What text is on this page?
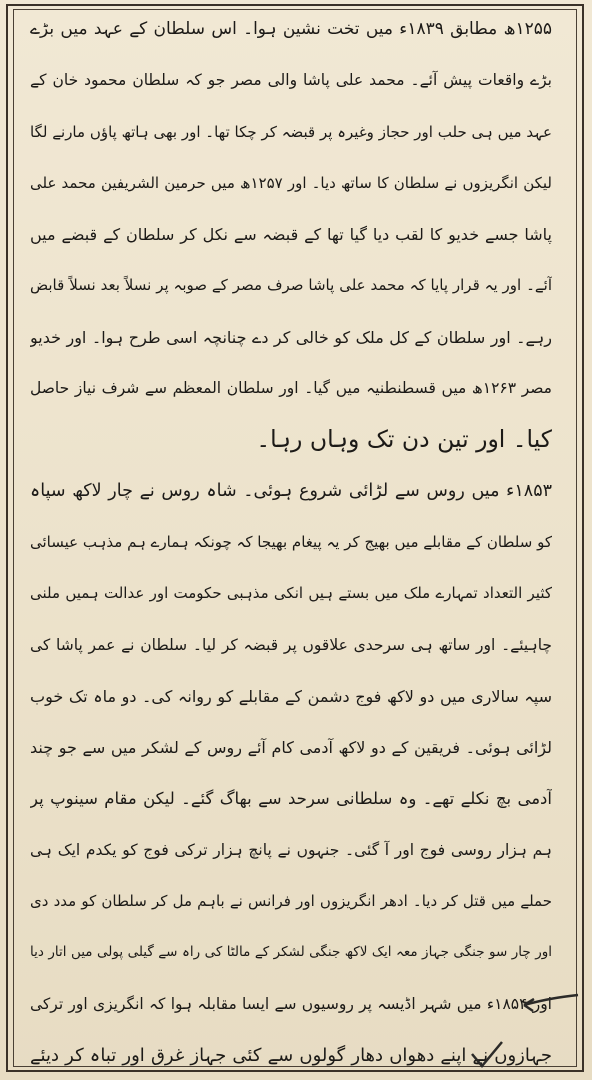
۱۲۵۵ھ مطابق ۱۸۳۹ء میں تخت نشین ہوا۔ اس سلطان کے عہد میں بڑے
بڑے واقعات پیش آئے۔ محمد علی پاشا والی مصر جو کہ سلطان محمود خان کے
عہد میں ہی حلب اور حجاز وغیرہ پر قبضہ کر چکا تھا۔ اور بھی ہاتھ پاؤں مارنے لگا
لیکن انگریزوں نے سلطان کا ساتھ دیا۔ اور ۱۲۵۷ھ میں حرمین الشریفین محمد علی
پاشا جسے خدیو کا لقب دیا گیا تھا کے قبضہ سے نکل کر سلطان کے قبضے میں
آئے۔ اور یہ قرار پایا کہ محمد علی پاشا صرف مصر کے صوبہ پر نسلاً بعد نسلاً قابض
رہے۔ اور سلطان کے کل ملک کو خالی کر دے چنانچہ اسی طرح ہوا۔ اور خدیو
مصر ۱۲۶۳ھ میں قسطنطنیہ میں گیا۔ اور سلطان المعظم سے شرف نیاز حاصل
کیا۔ اور تین دن تک وہاں رہا۔
۱۸۵۳ء میں روس سے لڑائی شروع ہوئی۔ شاہ روس نے چار لاکھ سپاہ
کو سلطان کے مقابلے میں بھیج کر یہ پیغام بھیجا کہ چونکہ ہمارے ہم مذہب عیسائی
کثیر التعداد تمہارے ملک میں بستے ہیں انکی مذہبی حکومت اور عدالت ہمیں ملنی
چاہیئے۔ اور ساتھ ہی سرحدی علاقوں پر قبضہ کر لیا۔ سلطان نے عمر پاشا کی
سپہ سالاری میں دو لاکھ فوج دشمن کے مقابلے کو روانہ کی۔ دو ماہ تک خوب
لڑائی ہوئی۔ فریقین کے دو لاکھ آدمی کام آئے روس کے لشکر میں سے جو چند
آدمی بچ نکلے تھے۔ وہ سلطانی سرحد سے بھاگ گئے۔ لیکن مقام سینوپ پر
ہم ہزار روسی فوج اور آ گئی۔ جنہوں نے پانچ ہزار ترکی فوج کو یکدم ایک ہی
حملے میں قتل کر دیا۔ ادھر انگریزوں اور فرانس نے باہم مل کر سلطان کو مدد دی
اور چار سو جنگی جہاز معہ ایک لاکھ جنگی لشکر کے مالٹا کی راہ سے گیلی پولی میں اتار دیا
اور ۱۸۵۴ء میں شہر اڈیسہ پر روسیوں سے ایسا مقابلہ ہوا کہ انگریزی اور ترکی
جہازوں نے اپنے دھواں دھار گولوں سے کئی جہاز غرق اور تباہ کر دیئے
